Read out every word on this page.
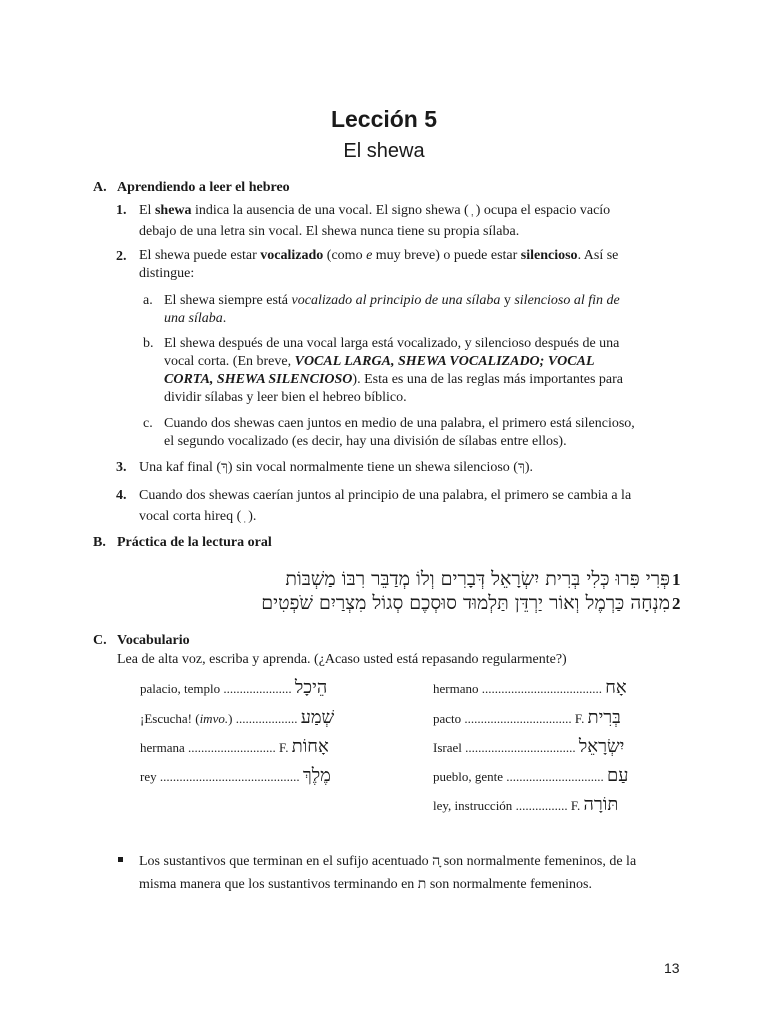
Lección 5
El shewa
A. Aprendiendo a leer el hebreo
1. El shewa indica la ausencia de una vocal. El signo shewa ( ְ ) ocupa el espacio vacío
debajo de una letra sin vocal. El shewa nunca tiene su propia sílaba.
2. El shewa puede estar vocalizado (como e muy breve) o puede estar silencioso. Así se
distingue:
a. El shewa siempre está vocalizado al principio de una sílaba y silencioso al fin de
una sílaba.
b. El shewa después de una vocal larga está vocalizado, y silencioso después de una
vocal corta. (En breve, VOCAL LARGA, SHEWA VOCALIZADO; VOCAL
CORTA, SHEWA SILENCIOSO). Esta es una de las reglas más importantes para
dividir sílabas y leer bien el hebreo bíblico.
c. Cuando dos shewas caen juntos en medio de una palabra, el primero está silencioso,
el segundo vocalizado (es decir, hay una división de sílabas entre ellos).
3. Una kaf final (ךְ) sin vocal normalmente tiene un shewa silencioso (ךְ).
4. Cuando dos shewas caerían juntos al principio de una palabra, el primero se cambia a la
vocal corta hireq ( ִ ).
B. Práctica de la lectura oral
פְּרִי פִּרוּ כְּלִי בְּרִית יִשְׂרָאֵל דְּבָרִים וְלוֹ מְדַבֵּר רִבּוֹ מַשְׁבּוֹת 1
מִנְחָה כַּרְמֶל וְאוֹר יַרְדֵּן תַּלְמוּד סוּסְכֶם סְגוֹל מִצְרַיִם שֹׁפְטִים 2
C. Vocabulario
Lea de alta voz, escriba y aprenda. (¿Acaso usted está repasando regularmente?)
palacio, templo ..................... הֵיכָל
¡Escucha! (imvo.) ................... שְׁמַע
hermana ........................... F. אָחוֹת
rey ........................................... מֶלֶךְ
hermano ..................................... אָח
pacto ................................. F. בְּרִית
Israel .................................. יִשְׂרָאֵל
pueblo, gente .............................. עַם
ley, instrucción ................ F. תּוֹרָה
Los sustantivos que terminan en el sufijo acentuado ָה son normalmente femeninos, de la
misma manera que los sustantivos terminando en ת son normalmente femeninos.
13
